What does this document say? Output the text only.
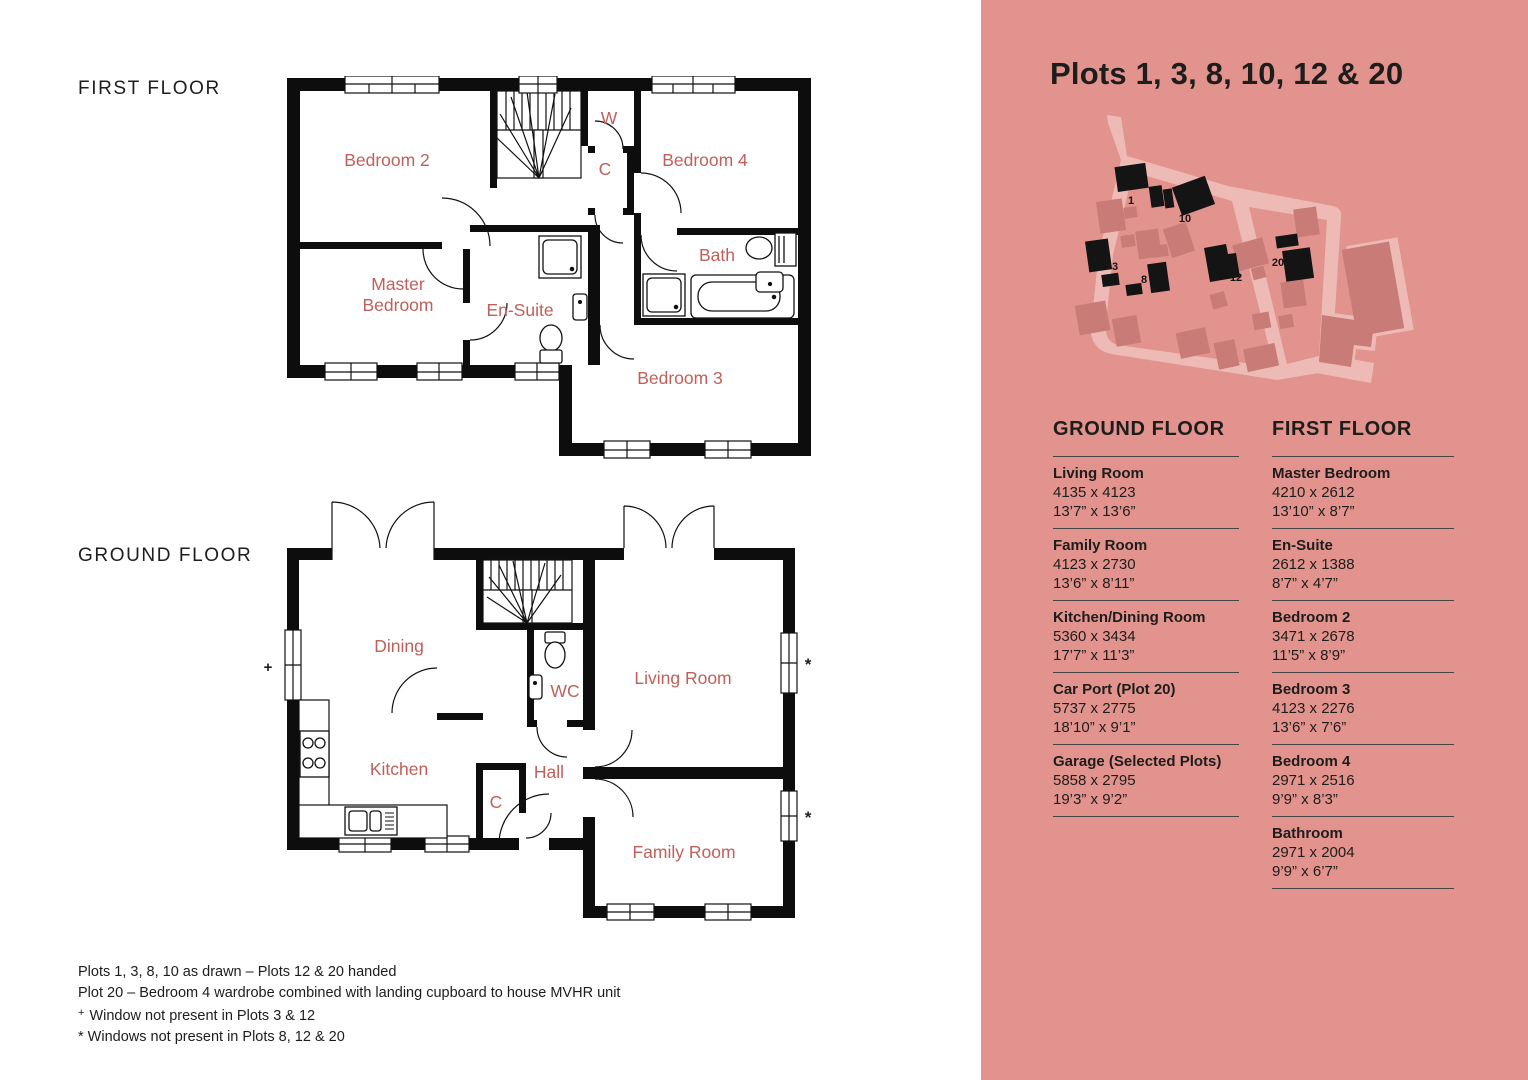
FIRST FLOOR
Bedroom 2
W
C	Bedroom 4
Master
Bedroom	En-Suite
Bath
Bedroom 3
GROUND FLOOR
Dining
Living Room
Kitchen	Hall
WC
C
Family Room
+	*
*
Plots 1, 3, 8, 10 as drawn – Plots 12 & 20 handed
Plot 20 – Bedroom 4 wardrobe combined with landing cupboard to house MVHR unit
+ Window not present in Plots 3 & 12
* Windows not present in Plots 8, 12 & 20
Plots 1, 3, 8, 10, 12 & 20
1
10
3
8	12
20
GROUND FLOOR
Living Room
4135 x 4123
13’7” x 13’6”
Family Room
4123 x 2730
13’6” x 8’11”
Kitchen/Dining Room
5360 x 3434
17’7” x 11’3”
Car Port (Plot 20)
5737 x 2775
18’10” x 9’1”
Garage (Selected Plots)
5858 x 2795
19’3” x 9’2”
FIRST FLOOR
Master Bedroom
4210 x 2612
13’10” x 8’7”
En-Suite
2612 x 1388
8’7” x 4’7”
Bedroom 2
3471 x 2678
11’5” x 8’9”
Bedroom 3
4123 x 2276
13’6” x 7’6”
Bedroom 4
2971 x 2516
9’9” x 8’3”
Bathroom
2971 x 2004
9’9” x 6’7”
